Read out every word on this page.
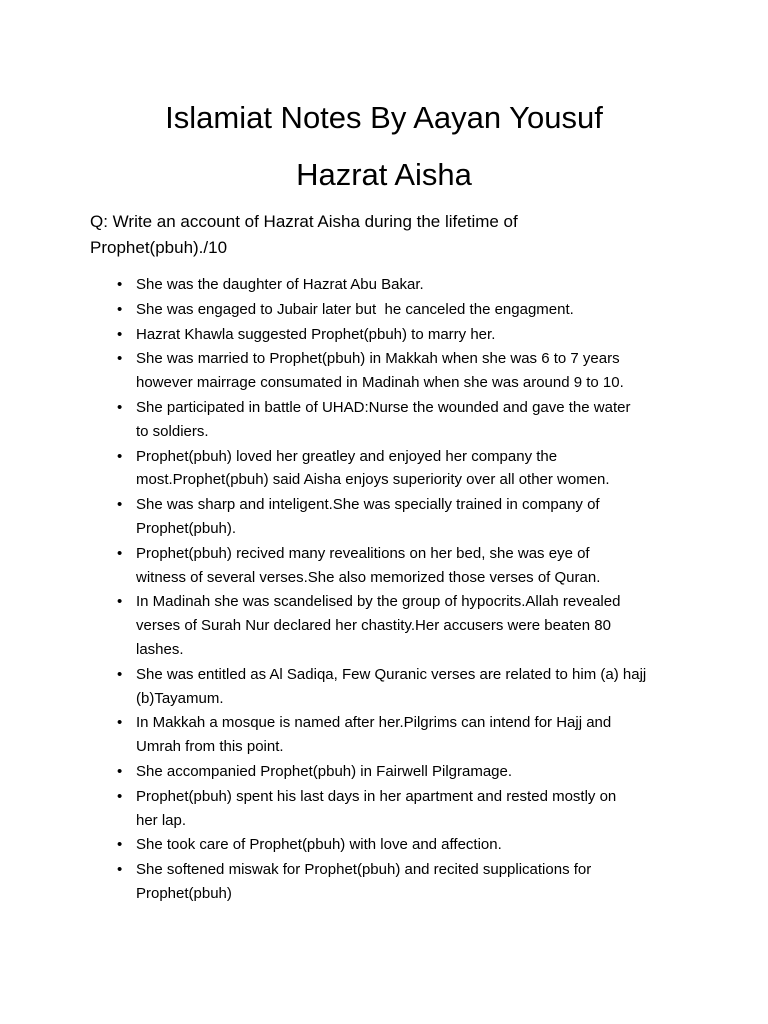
Islamiat Notes By Aayan Yousuf
Hazrat Aisha
Q: Write an account of Hazrat Aisha during the lifetime of
Prophet(pbuh)./10
• She was the daughter of Hazrat Abu Bakar.
• She was engaged to Jubair later but  he canceled the engagment.
• Hazrat Khawla suggested Prophet(pbuh) to marry her.
• She was married to Prophet(pbuh) in Makkah when she was 6 to 7 years
however mairrage consumated in Madinah when she was around 9 to 10.
• She participated in battle of UHAD:Nurse the wounded and gave the water
to soldiers.
• Prophet(pbuh) loved her greatley and enjoyed her company the
most.Prophet(pbuh) said Aisha enjoys superiority over all other women.
• She was sharp and inteligent.She was specially trained in company of
Prophet(pbuh).
• Prophet(pbuh) recived many revealitions on her bed, she was eye of
witness of several verses.She also memorized those verses of Quran.
• In Madinah she was scandelised by the group of hypocrits.Allah revealed
verses of Surah Nur declared her chastity.Her accusers were beaten 80
lashes.
• She was entitled as Al Sadiqa, Few Quranic verses are related to him (a) hajj
(b)Tayamum.
• In Makkah a mosque is named after her.Pilgrims can intend for Hajj and
Umrah from this point.
• She accompanied Prophet(pbuh) in Fairwell Pilgramage.
• Prophet(pbuh) spent his last days in her apartment and rested mostly on
her lap.
• She took care of Prophet(pbuh) with love and affection.
• She softened miswak for Prophet(pbuh) and recited supplications for
Prophet(pbuh)
